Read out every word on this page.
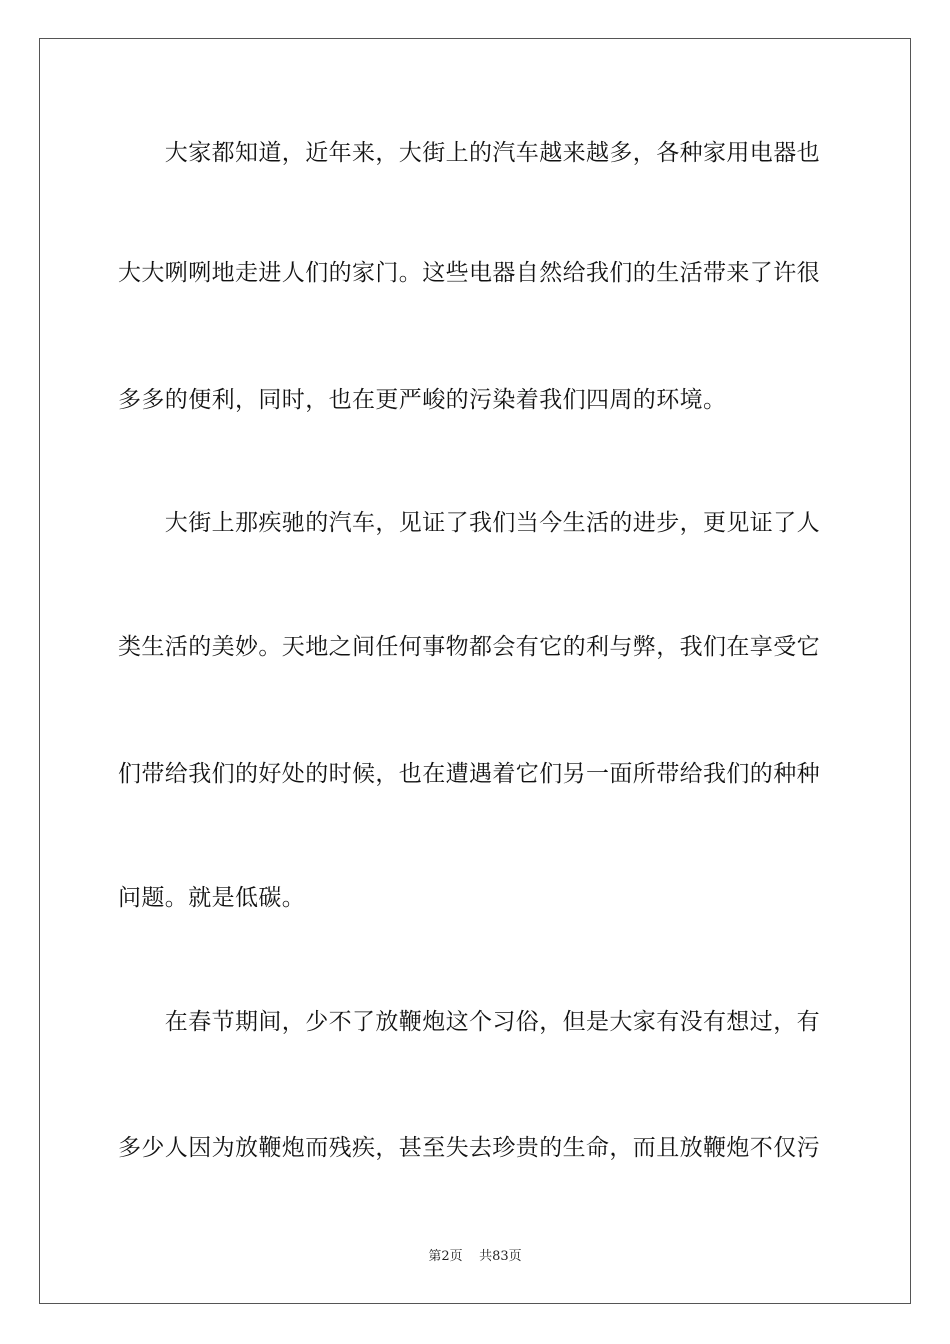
　　大家都知道，近年来，大街上的汽车越来越多，各种家用电器也
大大咧咧地走进人们的家门。这些电器自然给我们的生活带来了许很
多多的便利，同时，也在更严峻的污染着我们四周的环境。
　　大街上那疾驰的汽车，见证了我们当今生活的进步，更见证了人
类生活的美妙。天地之间任何事物都会有它的利与弊，我们在享受它
们带给我们的好处的时候，也在遭遇着它们另一面所带给我们的种种
问题。就是低碳。
　　在春节期间，少不了放鞭炮这个习俗，但是大家有没有想过，有
多少人因为放鞭炮而残疾，甚至失去珍贵的生命，而且放鞭炮不仅污
第2页 共83页
